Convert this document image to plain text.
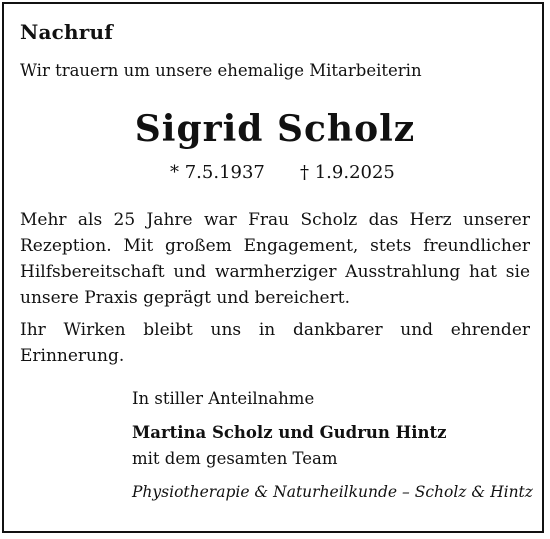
Nachruf
Wir trauern um unsere ehemalige Mitarbeiterin
Sigrid Scholz
* 7.5.1937 † 1.9.2025
Mehr als 25 Jahre war Frau Scholz das Herz unserer Rezeption. Mit großem Engagement, stets freundlicher Hilfsbereitschaft und warmherziger Ausstrahlung hat sie unsere Praxis geprägt und bereichert.
Ihr Wirken bleibt uns in dankbarer und ehrender Erinnerung.
In stiller Anteilnahme
Martina Scholz und Gudrun Hintz
mit dem gesamten Team
Physiotherapie & Naturheilkunde – Scholz & Hintz
